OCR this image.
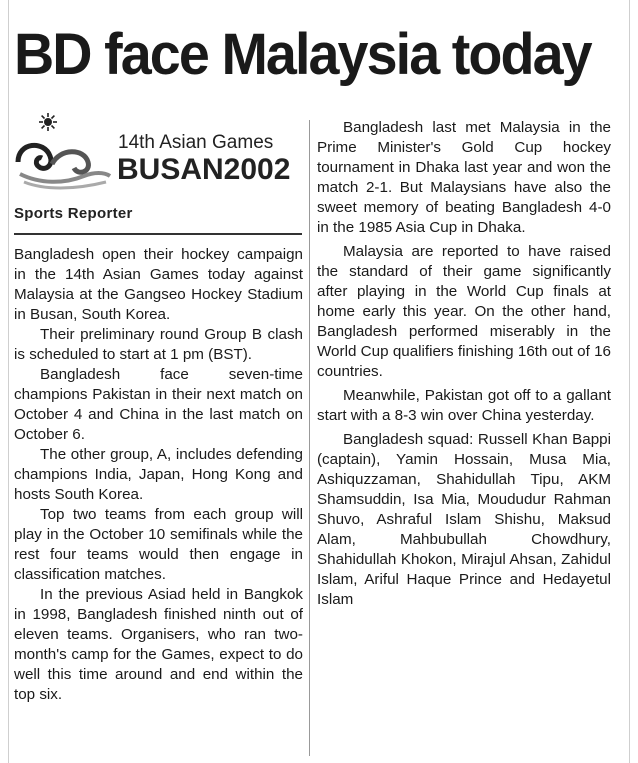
BD face Malaysia today
14th Asian Games
BUSAN2002
Sports Reporter

Bangladesh open their hockey campaign in the 14th Asian Games today against Malaysia at the Gangseo Hockey Stadium in Busan, South Korea.

Their preliminary round Group B clash is scheduled to start at 1 pm (BST).

Bangladesh face seven-time champions Pakistan in their next match on October 4 and China in the last match on October 6.

The other group, A, includes defending champions India, Japan, Hong Kong and hosts South Korea.

Top two teams from each group will play in the October 10 semifinals while the rest four teams would then engage in classification matches.

In the previous Asiad held in Bangkok in 1998, Bangladesh finished ninth out of eleven teams. Organisers, who ran two-month's camp for the Games, expect to do well this time around and end within the top six.

Bangladesh last met Malaysia in the Prime Minister's Gold Cup hockey tournament in Dhaka last year and won the match 2-1. But Malaysians have also the sweet memory of beating Bangladesh 4-0 in the 1985 Asia Cup in Dhaka.

Malaysia are reported to have raised the standard of their game significantly after playing in the World Cup finals at home early this year. On the other hand, Bangladesh performed miserably in the World Cup qualifiers finishing 16th out of 16 countries.

Meanwhile, Pakistan got off to a gallant start with a 8-3 win over China yesterday.

Bangladesh squad: Russell Khan Bappi (captain), Yamin Hossain, Musa Mia, Ashiquzzaman, Shahidullah Tipu, AKM Shamsuddin, Isa Mia, Moududur Rahman Shuvo, Ashraful Islam Shishu, Maksud Alam, Mahbubullah Chowdhury, Shahidullah Khokon, Mirajul Ahsan, Zahidul Islam, Ariful Haque Prince and Hedayetul Islam
